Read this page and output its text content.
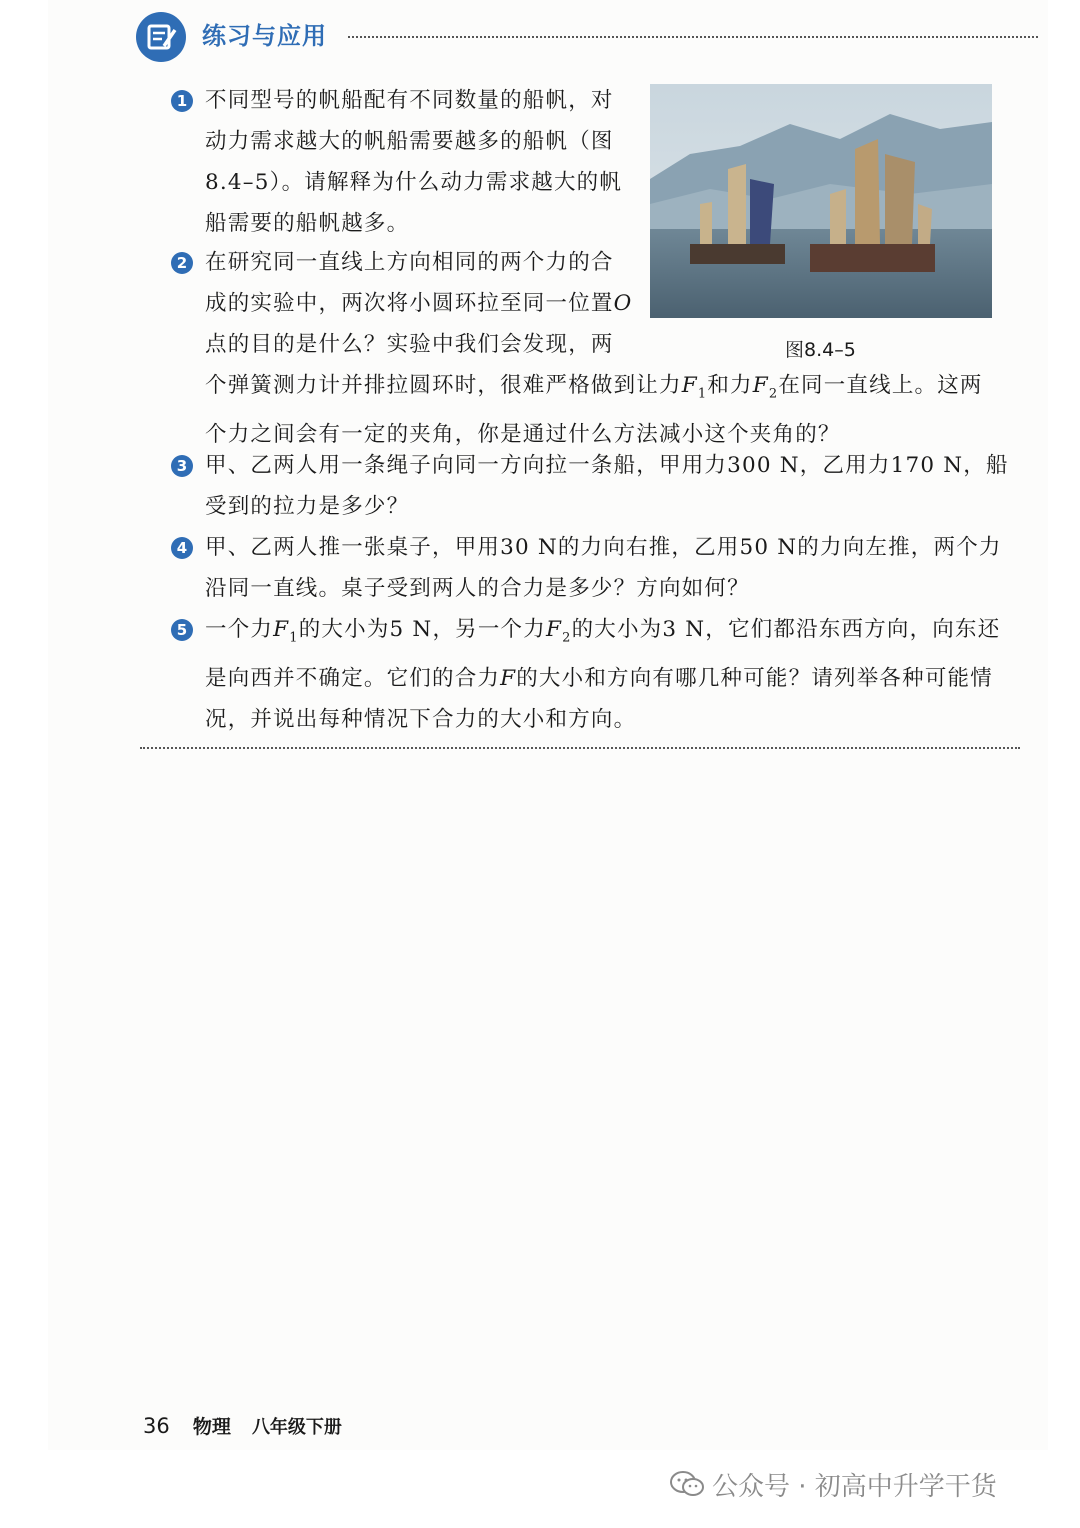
练习与应用
1 不同型号的帆船配有不同数量的船帆，对
动力需求越大的帆船需要越多的船帆（图
8.4–5）。请解释为什么动力需求越大的帆
船需要的船帆越多。
2 在研究同一直线上方向相同的两个力的合
成的实验中，两次将小圆环拉至同一位置O
点的目的是什么？实验中我们会发现，两
个弹簧测力计并排拉圆环时，很难严格做到让力$F_1$和力$F_2$在同一直线上。这两
个力之间会有一定的夹角，你是通过什么方法减小这个夹角的？
图8.4–5
3 甲、乙两人用一条绳子向同一方向拉一条船，甲用力300 N，乙用力170 N，船
受到的拉力是多少？
4 甲、乙两人推一张桌子，甲用30 N的力向右推，乙用50 N的力向左推，两个力
沿同一直线。桌子受到两人的合力是多少？方向如何？
5 一个力$F_1$的大小为5 N，另一个力$F_2$的大小为3 N，它们都沿东西方向，向东还
是向西并不确定。它们的合力F的大小和方向有哪几种可能？请列举各种可能情
况，并说出每种情况下合力的大小和方向。
36 物理 八年级下册
公众号 · 初高中升学干货
